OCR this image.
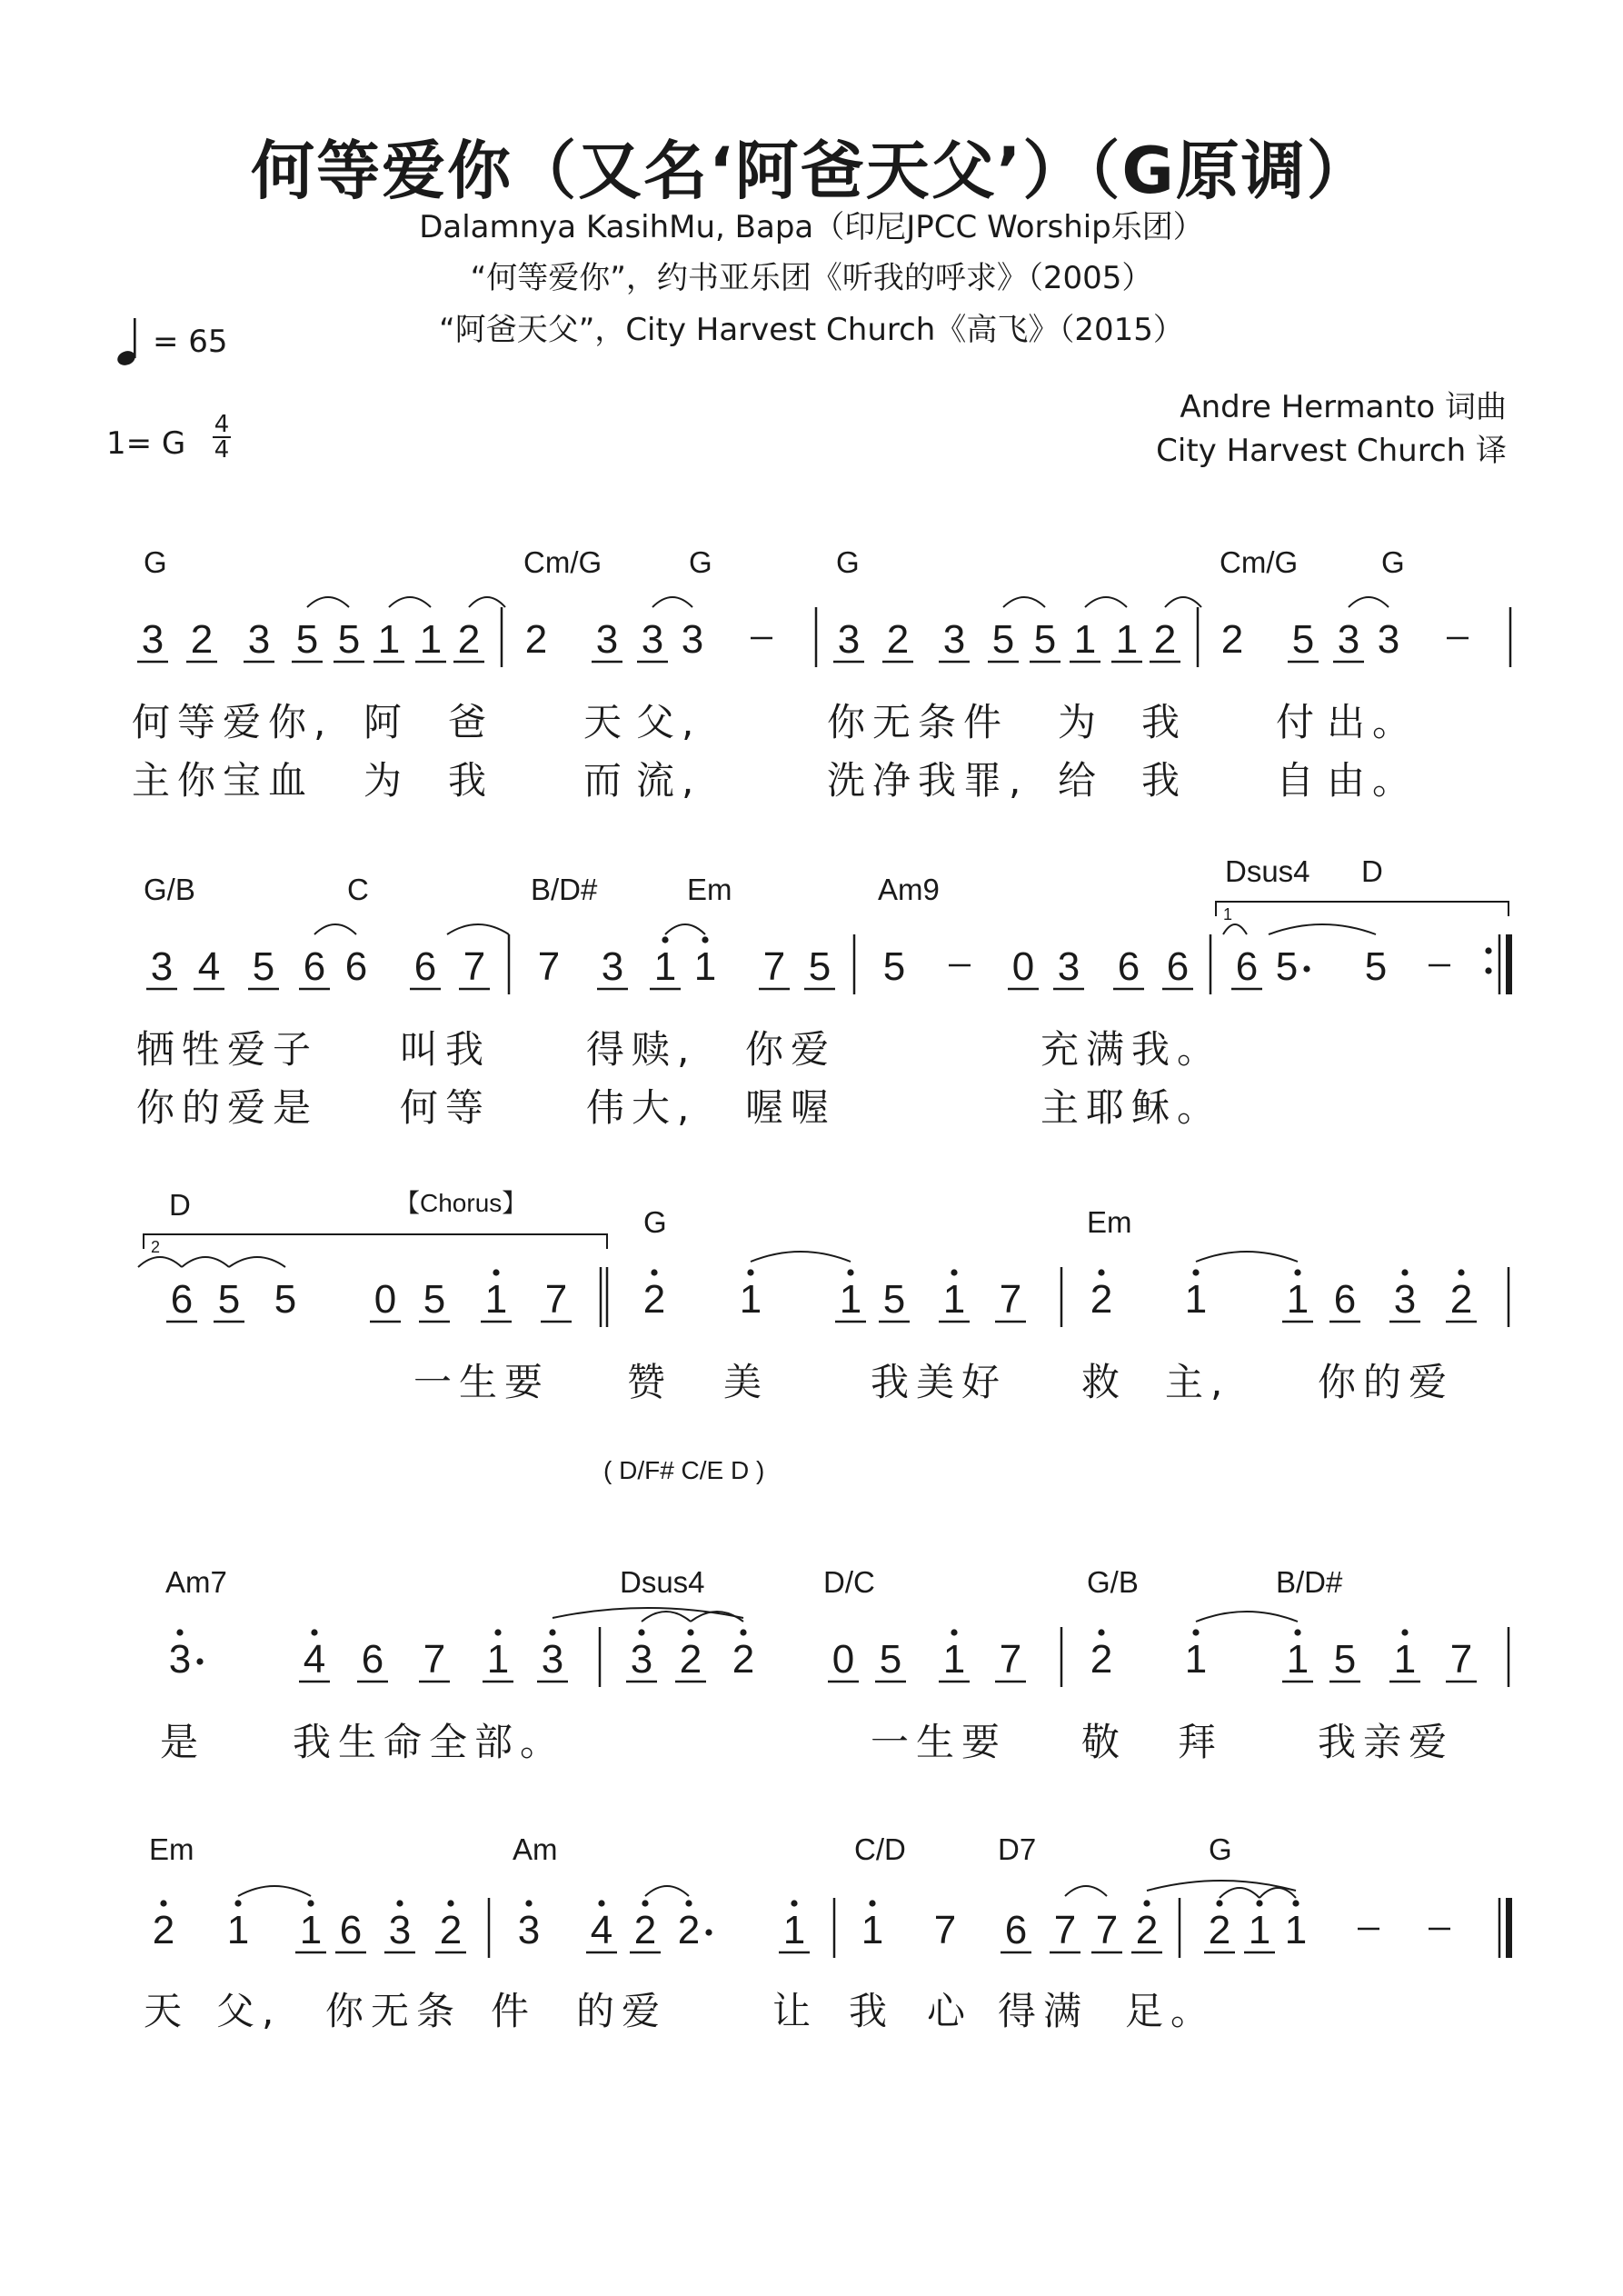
何等爱你（又名‘阿爸天父’）（G原调）
Dalamnya KasihMu, Bapa（印尼JPCC Worship乐团）
“何等爱你”，约书亚乐团《听我的呼求》（2005）
“阿爸天父”，City Harvest Church《高飞》（2015）
= 65
1= G
4
4
Andre Hermanto 词曲
City Harvest Church 译
G	Cm/G	G	G	Cm/G	G
何等爱你, 阿 爸 天 父,	你无条件 为 我 付 出。
主你宝血 为 我 而 流,	洗净我罪, 给 我 自 由。
G/B	C	B/D#	Em	Am9
Dsus4 D
牺牲爱子 叫我 得赎, 你爱	充满我。
你的爱是 何等 伟大, 喔喔	主耶稣。
D	【Chorus】
G	Em
一生要 赞 美	我美好 救 主, 你的爱
( D/F# C/E D )
Am7	Dsus4	D/C	G/B	B/D#
是 我生命全部。	一生要 敬 拜 我亲爱
Em	Am	C/D	D7	G
天 父, 你无条 件 的爱	让 我 心 得满 足。
3 2 3 5 5 1 1 2 2 3 3 3	3 2 3 5 5 1 1 2 2 5 3 3
3 4 5 6 6 6 7 7 3 1 1 7 5 5	0 3 6 6 6 5 5
1
6 5 5 0 5 1 7 2 1 1 5 1 7 2 1 1 6 3 2
2
3	4 6 7 1 3 3 2 2 0 5 1 7 2 1 1 5 1 7
2 1 1 6 3 2 3 4 2 2 1 1 7 6 7 7 2 2 1 1
